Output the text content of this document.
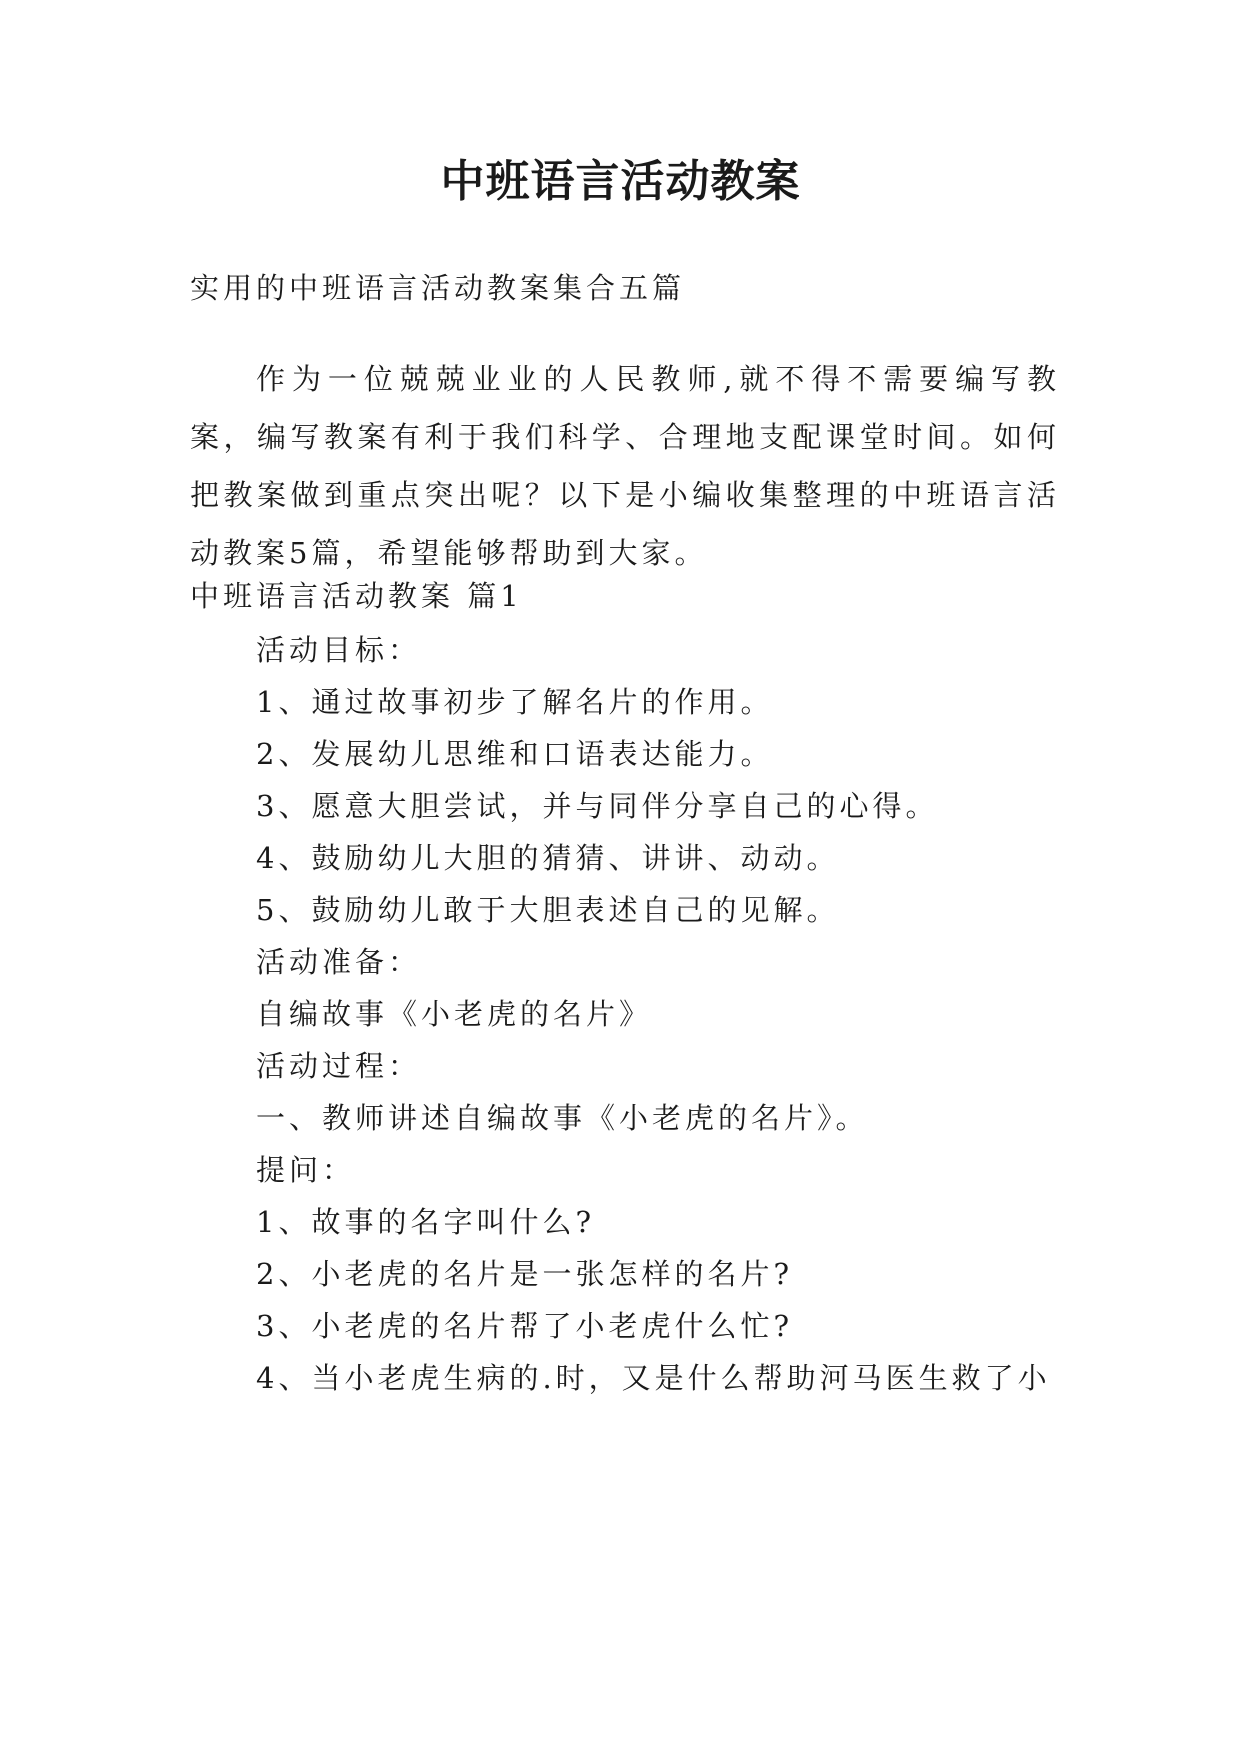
中班语言活动教案

实用的中班语言活动教案集合五篇

作为一位兢兢业业的人民教师,就不得不需要编写教案，编写教案有利于我们科学、合理地支配课堂时间。如何把教案做到重点突出呢？以下是小编收集整理的中班语言活动教案5篇，希望能够帮助到大家。

中班语言活动教案 篇1

活动目标：

1、通过故事初步了解名片的作用。

2、发展幼儿思维和口语表达能力。

3、愿意大胆尝试，并与同伴分享自己的心得。

4、鼓励幼儿大胆的猜猜、讲讲、动动。

5、鼓励幼儿敢于大胆表述自己的见解。

活动准备：

自编故事《小老虎的名片》

活动过程：

一、教师讲述自编故事《小老虎的名片》。

提问：

1、故事的名字叫什么?

2、小老虎的名片是一张怎样的名片?

3、小老虎的名片帮了小老虎什么忙?

4、当小老虎生病的.时，又是什么帮助河马医生救了小
